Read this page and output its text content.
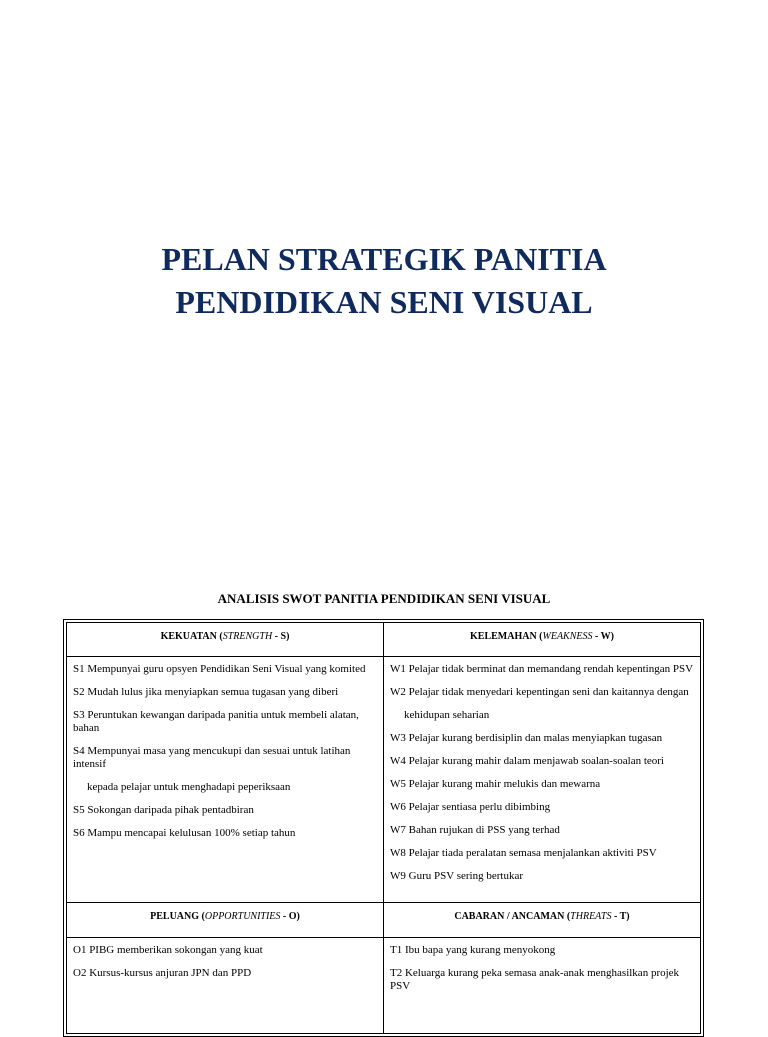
PELAN STRATEGIK PANITIA
PENDIDIKAN SENI VISUAL

ANALISIS SWOT PANITIA PENDIDIKAN SENI VISUAL

KEKUATAN (STRENGTH - S)	KELEMAHAN (WEAKNESS - W)

S1 Mempunyai guru opsyen Pendidikan Seni Visual yang komited

S2 Mudah lulus jika menyiapkan semua tugasan yang diberi

S3 Peruntukan kewangan daripada panitia untuk membeli alatan, bahan

S4 Mempunyai masa yang mencukupi dan sesuai untuk latihan intensif

kepada pelajar untuk menghadapi peperiksaan

S5 Sokongan daripada pihak pentadbiran

S6 Mampu mencapai kelulusan 100% setiap tahun

W1 Pelajar tidak berminat dan memandang rendah kepentingan PSV

W2 Pelajar tidak menyedari kepentingan seni dan kaitannya dengan

kehidupan seharian

W3 Pelajar kurang berdisiplin dan malas menyiapkan tugasan

W4 Pelajar kurang mahir dalam menjawab soalan-soalan teori

W5 Pelajar kurang mahir melukis dan mewarna

W6 Pelajar sentiasa perlu dibimbing

W7 Bahan rujukan di PSS yang terhad

W8 Pelajar tiada peralatan semasa menjalankan aktiviti PSV

W9 Guru PSV sering bertukar

PELUANG (OPPORTUNITIES - O)	CABARAN / ANCAMAN (THREATS - T)

O1 PIBG memberikan sokongan yang kuat

O2 Kursus-kursus anjuran JPN dan PPD

T1 Ibu bapa yang kurang menyokong

T2 Keluarga kurang peka semasa anak-anak menghasilkan projek PSV
